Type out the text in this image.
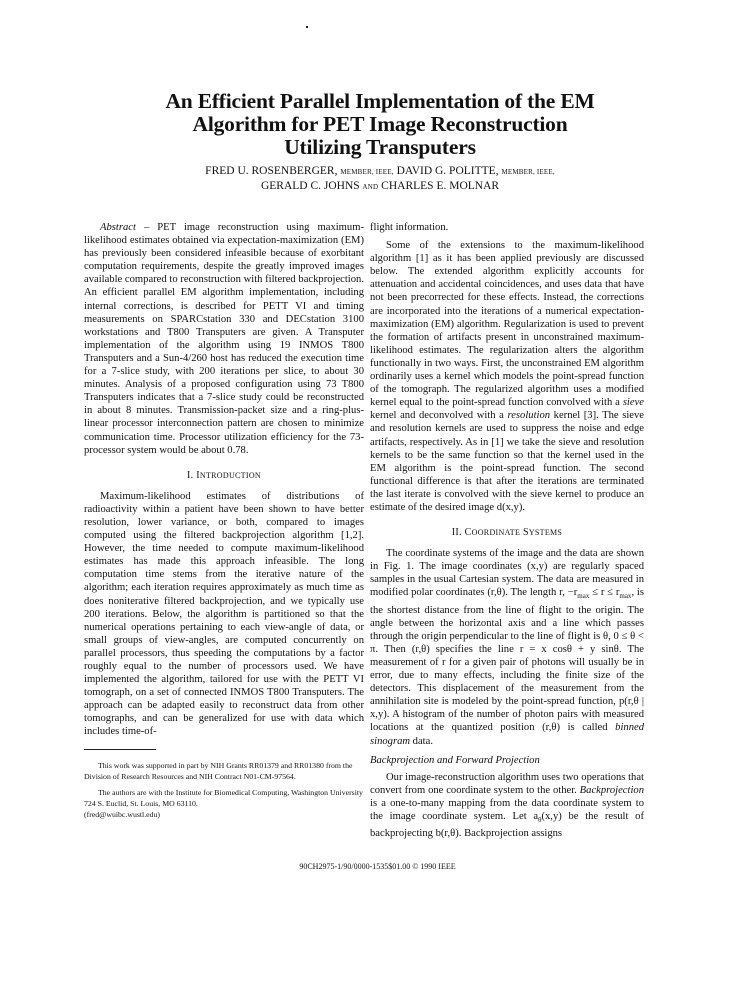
An Efficient Parallel Implementation of the EM
Algorithm for PET Image Reconstruction
Utilizing Transputers
FRED U. ROSENBERGER, MEMBER, IEEE, DAVID G. POLITTE, MEMBER, IEEE,
GERALD C. JOHNS AND CHARLES E. MOLNAR

Abstract – PET image reconstruction using maximum-likelihood estimates obtained via expectation-maximization (EM) has previously been considered infeasible because of exorbitant computation requirements, despite the greatly improved images available compared to reconstruction with filtered backprojection. An efficient parallel EM algorithm implementation, including internal corrections, is described for PETT VI and timing measurements on SPARCstation 330 and DECstation 3100 workstations and T800 Transputers are given. A Transputer implementation of the algorithm using 19 INMOS T800 Transputers and a Sun-4/260 host has reduced the execution time for a 7-slice study, with 200 iterations per slice, to about 30 minutes. Analysis of a proposed configuration using 73 T800 Transputers indicates that a 7-slice study could be reconstructed in about 8 minutes. Transmission-packet size and a ring-plus-linear processor interconnection pattern are chosen to minimize communication time. Processor utilization efficiency for the 73-processor system would be about 0.78.

I. INTRODUCTION

Maximum-likelihood estimates of distributions of radioactivity within a patient have been shown to have better resolution, lower variance, or both, compared to images computed using the filtered backprojection algorithm [1,2]. However, the time needed to compute maximum-likelihood estimates has made this approach infeasible. The long computation time stems from the iterative nature of the algorithm; each iteration requires approximately as much time as does noniterative filtered backprojection, and we typically use 200 iterations. Below, the algorithm is partitioned so that the numerical operations pertaining to each view-angle of data, or small groups of view-angles, are computed concurrently on parallel processors, thus speeding the computations by a factor roughly equal to the number of processors used. We have implemented the algorithm, tailored for use with the PETT VI tomograph, on a set of connected INMOS T800 Transputers. The approach can be adapted easily to reconstruct data from other tomographs, and can be generalized for use with data which includes time-of-

This work was supported in part by NIH Grants RR01379 and RR01380 from the Division of Research Resources and NIH Contract N01-CM-97564.

The authors are with the Institute for Biomedical Computing, Washington University 724 S. Euclid, St. Louis, MO 63110.
(fred@wuibc.wustl.edu)

flight information.

Some of the extensions to the maximum-likelihood algorithm [1] as it has been applied previously are discussed below. The extended algorithm explicitly accounts for attenuation and accidental coincidences, and uses data that have not been precorrected for these effects. Instead, the corrections are incorporated into the iterations of a numerical expectation-maximization (EM) algorithm. Regularization is used to prevent the formation of artifacts present in unconstrained maximum-likelihood estimates. The regularization alters the algorithm functionally in two ways. First, the unconstrained EM algorithm ordinarily uses a kernel which models the point-spread function of the tomograph. The regularized algorithm uses a modified kernel equal to the point-spread function convolved with a sieve kernel and deconvolved with a resolution kernel [3]. The sieve and resolution kernels are used to suppress the noise and edge artifacts, respectively. As in [1] we take the sieve and resolution kernels to be the same function so that the kernel used in the EM algorithm is the point-spread function. The second functional difference is that after the iterations are terminated the last iterate is convolved with the sieve kernel to produce an estimate of the desired image d(x,y).

II. COORDINATE SYSTEMS

The coordinate systems of the image and the data are shown in Fig. 1. The image coordinates (x,y) are regularly spaced samples in the usual Cartesian system. The data are measured in modified polar coordinates (r,θ). The length r, $-r_{max} \le r \le r_{max}$, is the shortest distance from the line of flight to the origin. The angle between the horizontal axis and a line which passes through the origin perpendicular to the line of flight is θ, 0 ≤ θ < π. Then (r,θ) specifies the line r = x cosθ + y sinθ. The measurement of r for a given pair of photons will usually be in error, due to many effects, including the finite size of the detectors. This displacement of the measurement from the annihilation site is modeled by the point-spread function, p(r,θ | x,y). A histogram of the number of photon pairs with measured locations at the quantized position (r,θ) is called binned sinogram data.

Backprojection and Forward Projection

Our image-reconstruction algorithm uses two operations that convert from one coordinate system to the other. Backprojection is a one-to-many mapping from the data coordinate system to the image coordinate system. Let $a_\theta(x,y)$ be the result of backprojecting b(r,θ). Backprojection assigns

90CH2975-1/90/0000-1535$01.00 © 1990 IEEE
